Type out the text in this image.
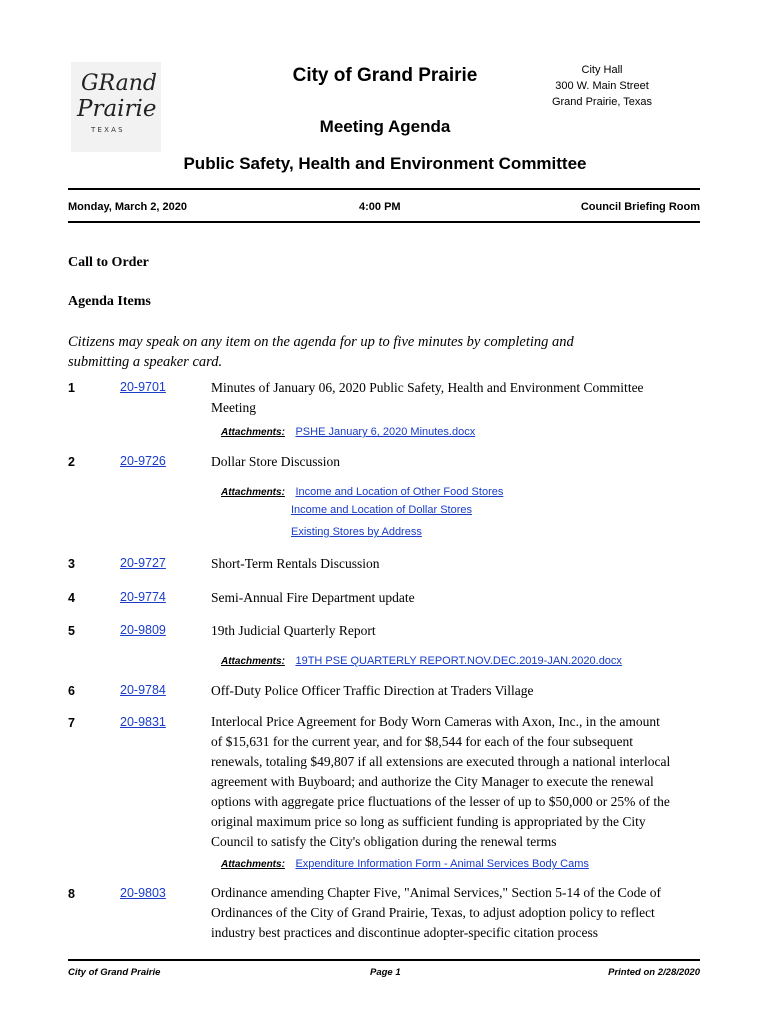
GRand
Prairie
T E X A S
City of Grand Prairie	City Hall
300 W. Main Street
Grand Prairie, Texas
Meeting Agenda
Public Safety, Health and Environment Committee
Monday, March 2, 2020	4:00 PM	Council Briefing Room
Call to Order
Agenda Items
Citizens may speak on any item on the agenda for up to five minutes by completing and submitting a speaker card.
1	20-9701	Minutes of January 06, 2020 Public Safety, Health and Environment Committee Meeting
Attachments: PSHE January 6, 2020 Minutes.docx
2	20-9726	Dollar Store Discussion
Attachments: Income and Location of Other Food Stores
Income and Location of Dollar Stores
Existing Stores by Address
3	20-9727	Short-Term Rentals Discussion
4	20-9774	Semi-Annual Fire Department update
5	20-9809	19th Judicial Quarterly Report
Attachments: 19TH PSE QUARTERLY REPORT.NOV.DEC.2019-JAN.2020.docx
6	20-9784	Off-Duty Police Officer Traffic Direction at Traders Village
7	20-9831	Interlocal Price Agreement for Body Worn Cameras with Axon, Inc., in the amount of $15,631 for the current year, and for $8,544 for each of the four subsequent renewals, totaling $49,807 if all extensions are executed through a national interlocal agreement with Buyboard; and authorize the City Manager to execute the renewal options with aggregate price fluctuations of the lesser of up to $50,000 or 25% of the original maximum price so long as sufficient funding is appropriated by the City Council to satisfy the City's obligation during the renewal terms
Attachments: Expenditure Information Form - Animal Services Body Cams
8	20-9803	Ordinance amending Chapter Five, "Animal Services," Section 5-14 of the Code of Ordinances of the City of Grand Prairie, Texas, to adjust adoption policy to reflect industry best practices and discontinue adopter-specific citation process
City of Grand Prairie	Page 1	Printed on 2/28/2020
